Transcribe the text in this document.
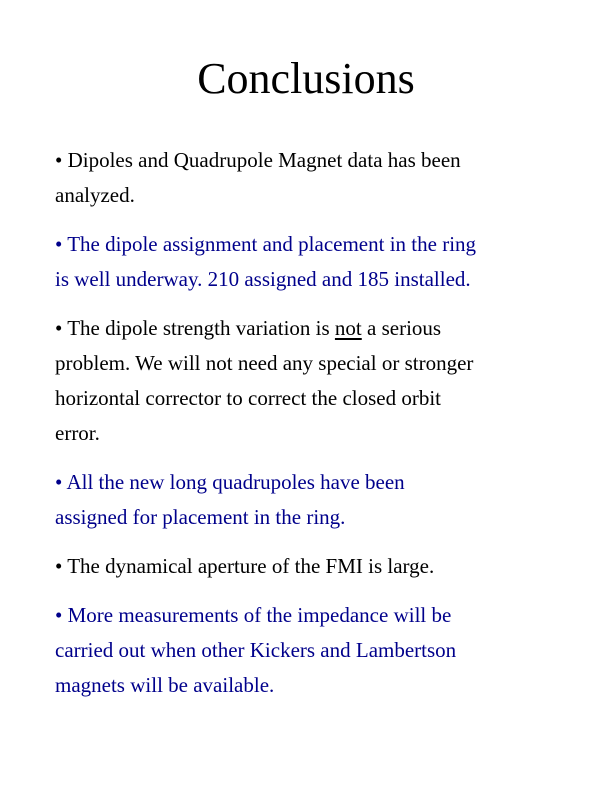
Conclusions
• Dipoles and Quadrupole Magnet data has been
analyzed.
• The dipole assignment and placement in the ring
is well underway. 210 assigned and 185 installed.
• The dipole strength variation is not a serious
problem. We will not need any special or stronger
horizontal corrector to correct the closed orbit
error.
• All the new long quadrupoles have been
assigned for placement in the ring.
• The dynamical aperture of the FMI is large.
• More measurements of the impedance will be
carried out when other Kickers and Lambertson
magnets will be available.
